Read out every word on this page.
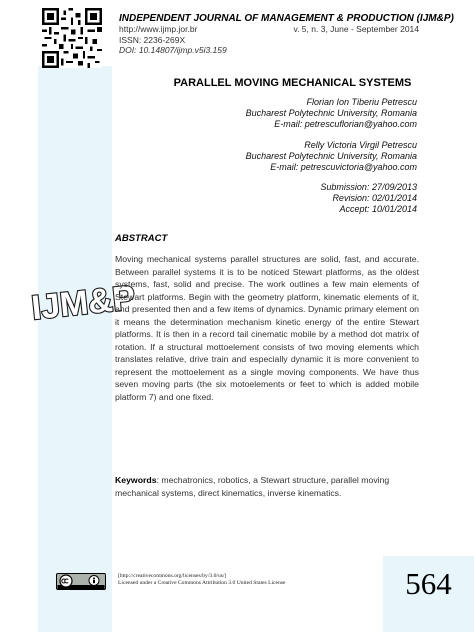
INDEPENDENT JOURNAL OF MANAGEMENT & PRODUCTION (IJM&P)
http://www.ijmp.jor.br	v. 5, n. 3, June - September 2014
ISSN: 2236-269X
DOI: 10.14807/ijmp.v5i3.159
IJM&P
PARALLEL MOVING MECHANICAL SYSTEMS
Florian Ion Tiberiu Petrescu
Bucharest Polytechnic University, Romania
E-mail: petrescuflorian@yahoo.com
Relly Victoria Virgil Petrescu
Bucharest Polytechnic University, Romania
E-mail: petrescuvictoria@yahoo.com
Submission: 27/09/2013
Revision: 02/01/2014
Accept: 10/01/2014
ABSTRACT
Moving mechanical systems parallel structures are solid, fast, and accurate. Between parallel systems it is to be noticed Stewart platforms, as the oldest systems, fast, solid and precise. The work outlines a few main elements of Stewart platforms. Begin with the geometry platform, kinematic elements of it, and presented then and a few items of dynamics. Dynamic primary element on it means the determination mechanism kinetic energy of the entire Stewart platforms. It is then in a record tail cinematic mobile by a method dot matrix of rotation. If a structural mottoelement consists of two moving elements which translates relative, drive train and especially dynamic it is more convenient to represent the mottoelement as a single moving components. We have thus seven moving parts (the six motoelements or feet to which is added mobile platform 7) and one fixed.
Keywords: mechatronics, robotics, a Stewart structure, parallel moving mechanical systems, direct kinematics, inverse kinematics.
[http://creativecommons.org/licenses/by/3.0/us/]
Licensed under a Creative Commons Attribution 3.0 United States License	564
